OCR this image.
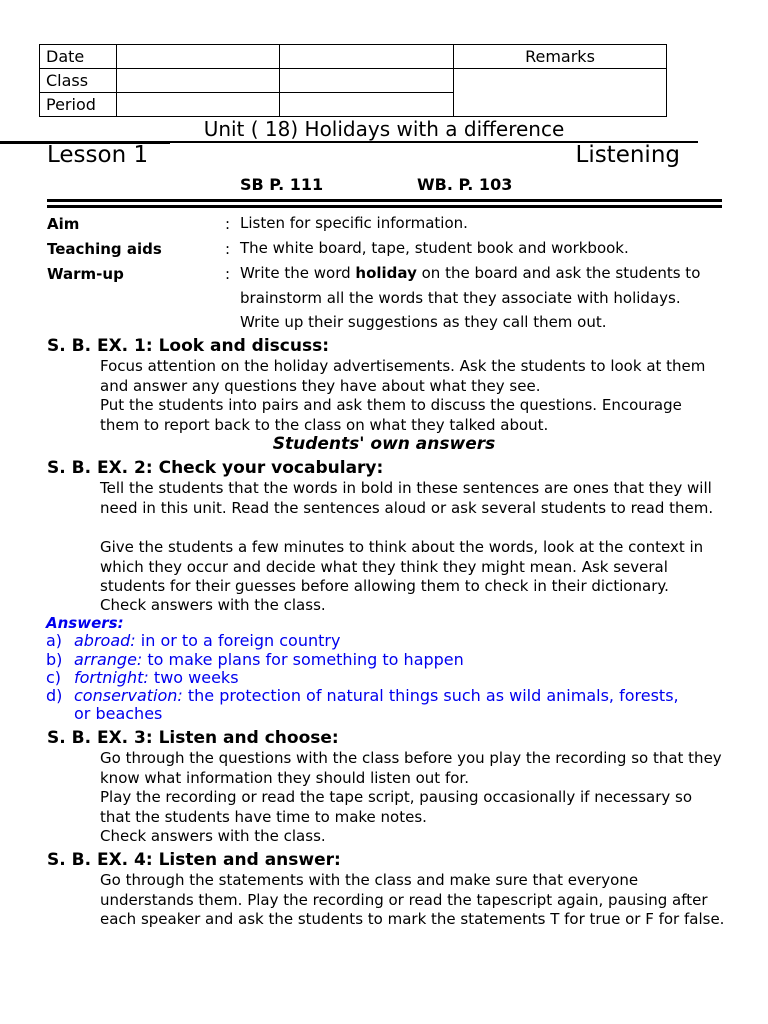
Date			Remarks
Class			
Period			
Unit ( 18) Holidays with a difference
Lesson 1	Listening
SB P. 111	WB. P. 103
Aim	: Listen for specific information.
Teaching aids	: The white board, tape, student book and workbook.
Warm-up	: Write the word holiday on the board and ask the students to
brainstorm all the words that they associate with holidays.
Write up their suggestions as they call them out.
S. B. EX. 1: Look and discuss:
Focus attention on the holiday advertisements. Ask the students to look at them and answer any questions they have about what they see.
Put the students into pairs and ask them to discuss the questions. Encourage them to report back to the class on what they talked about.
Students' own answers
S. B. EX. 2: Check your vocabulary:
Tell the students that the words in bold in these sentences are ones that they will need in this unit. Read the sentences aloud or ask several students to read them.
Give the students a few minutes to think about the words, look at the context in which they occur and decide what they think they might mean. Ask several students for their guesses before allowing them to check in their dictionary.
Check answers with the class.
Answers:
a) abroad: in or to a foreign country
b) arrange: to make plans for something to happen
c) fortnight: two weeks
d) conservation: the protection of natural things such as wild animals, forests,
or beaches
S. B. EX. 3: Listen and choose:
Go through the questions with the class before you play the recording so that they know what information they should listen out for.
Play the recording or read the tape script, pausing occasionally if necessary so that the students have time to make notes.
Check answers with the class.
S. B. EX. 4: Listen and answer:
Go through the statements with the class and make sure that everyone understands them. Play the recording or read the tapescript again, pausing after each speaker and ask the students to mark the statements T for true or F for false.
